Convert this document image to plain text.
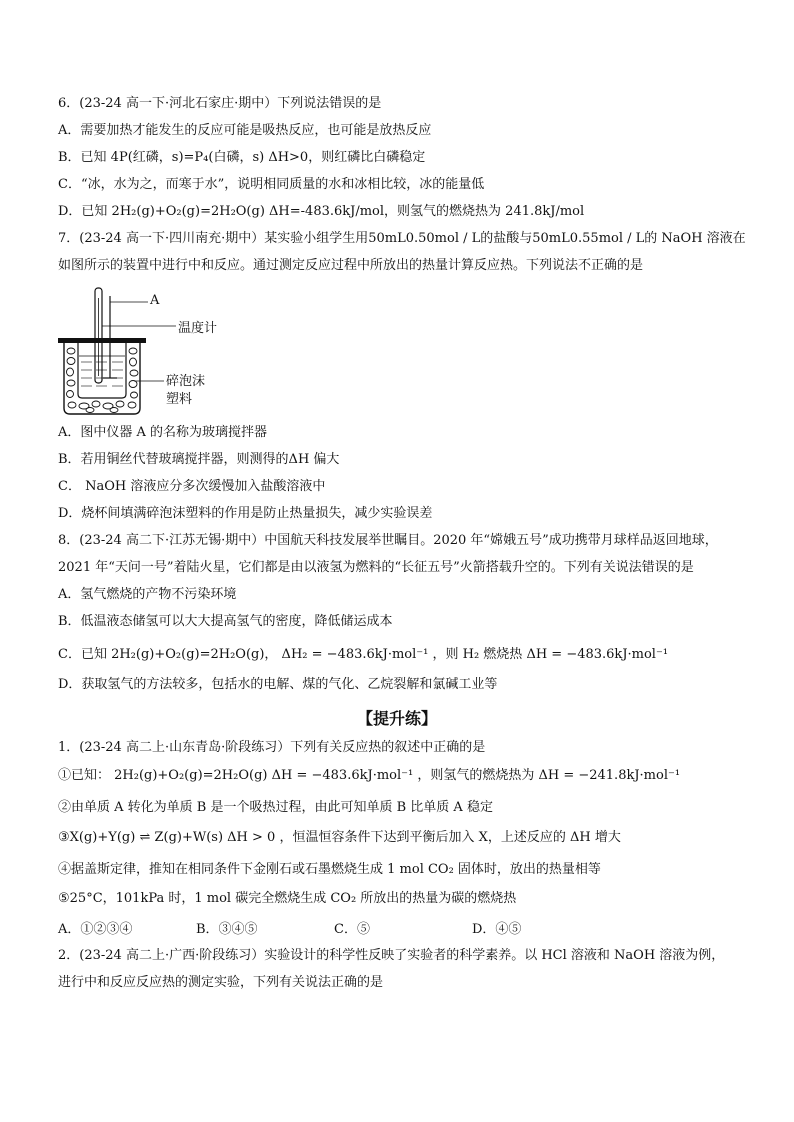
6．(23-24 高一下·河北石家庄·期中）下列说法错误的是
A．需要加热才能发生的反应可能是吸热反应，也可能是放热反应
B．已知 4P(红磷，s)=P₄(白磷，s) ΔH>0，则红磷比白磷稳定
C．“冰，水为之，而寒于水”，说明相同质量的水和冰相比较，冰的能量低
D．已知 2H₂(g)+O₂(g)=2H₂O(g) ΔH=-483.6kJ/mol，则氢气的燃烧热为 241.8kJ/mol
7．(23-24 高一下·四川南充·期中）某实验小组学生用50mL0.50mol / L的盐酸与50mL0.55mol / L的 NaOH 溶液在
如图所示的装置中进行中和反应。通过测定反应过程中所放出的热量计算反应热。下列说法不正确的是
A
温度计
碎泡沫
塑料
A．图中仪器 A 的名称为玻璃搅拌器
B．若用铜丝代替玻璃搅拌器，则测得的ΔH 偏大
C． NaOH 溶液应分多次缓慢加入盐酸溶液中
D．烧杯间填满碎泡沫塑料的作用是防止热量损失，减少实验误差
8．(23-24 高二下·江苏无锡·期中）中国航天科技发展举世瞩目。2020 年“嫦娥五号”成功携带月球样品返回地球，
2021 年“天问一号”着陆火星，它们都是由以液氢为燃料的“长征五号”火箭搭载升空的。下列有关说法错误的是
A．氢气燃烧的产物不污染环境
B．低温液态储氢可以大大提高氢气的密度，降低储运成本
C．已知 2H₂(g)+O₂(g)=2H₂O(g)， ΔH₂ = −483.6kJ·mol⁻¹ ，则 H₂ 燃烧热 ΔH = −483.6kJ·mol⁻¹
D．获取氢气的方法较多，包括水的电解、煤的气化、乙烷裂解和氯碱工业等
【提升练】
1．(23-24 高二上·山东青岛·阶段练习）下列有关反应热的叙述中正确的是
①已知： 2H₂(g)+O₂(g)=2H₂O(g) ΔH = −483.6kJ·mol⁻¹ ，则氢气的燃烧热为 ΔH = −241.8kJ·mol⁻¹
②由单质 A 转化为单质 B 是一个吸热过程，由此可知单质 B 比单质 A 稳定
③X(g)+Y(g) ⇌ Z(g)+W(s) ΔH > 0 ，恒温恒容条件下达到平衡后加入 X，上述反应的 ΔH 增大
④据盖斯定律，推知在相同条件下金刚石或石墨燃烧生成 1 mol CO₂ 固体时，放出的热量相等
⑤25°C，101kPa 时，1 mol 碳完全燃烧生成 CO₂ 所放出的热量为碳的燃烧热
A．①②③④	B．③④⑤	C．⑤	D．④⑤
2．(23-24 高二上·广西·阶段练习）实验设计的科学性反映了实验者的科学素养。以 HCl 溶液和 NaOH 溶液为例，
进行中和反应反应热的测定实验，下列有关说法正确的是
